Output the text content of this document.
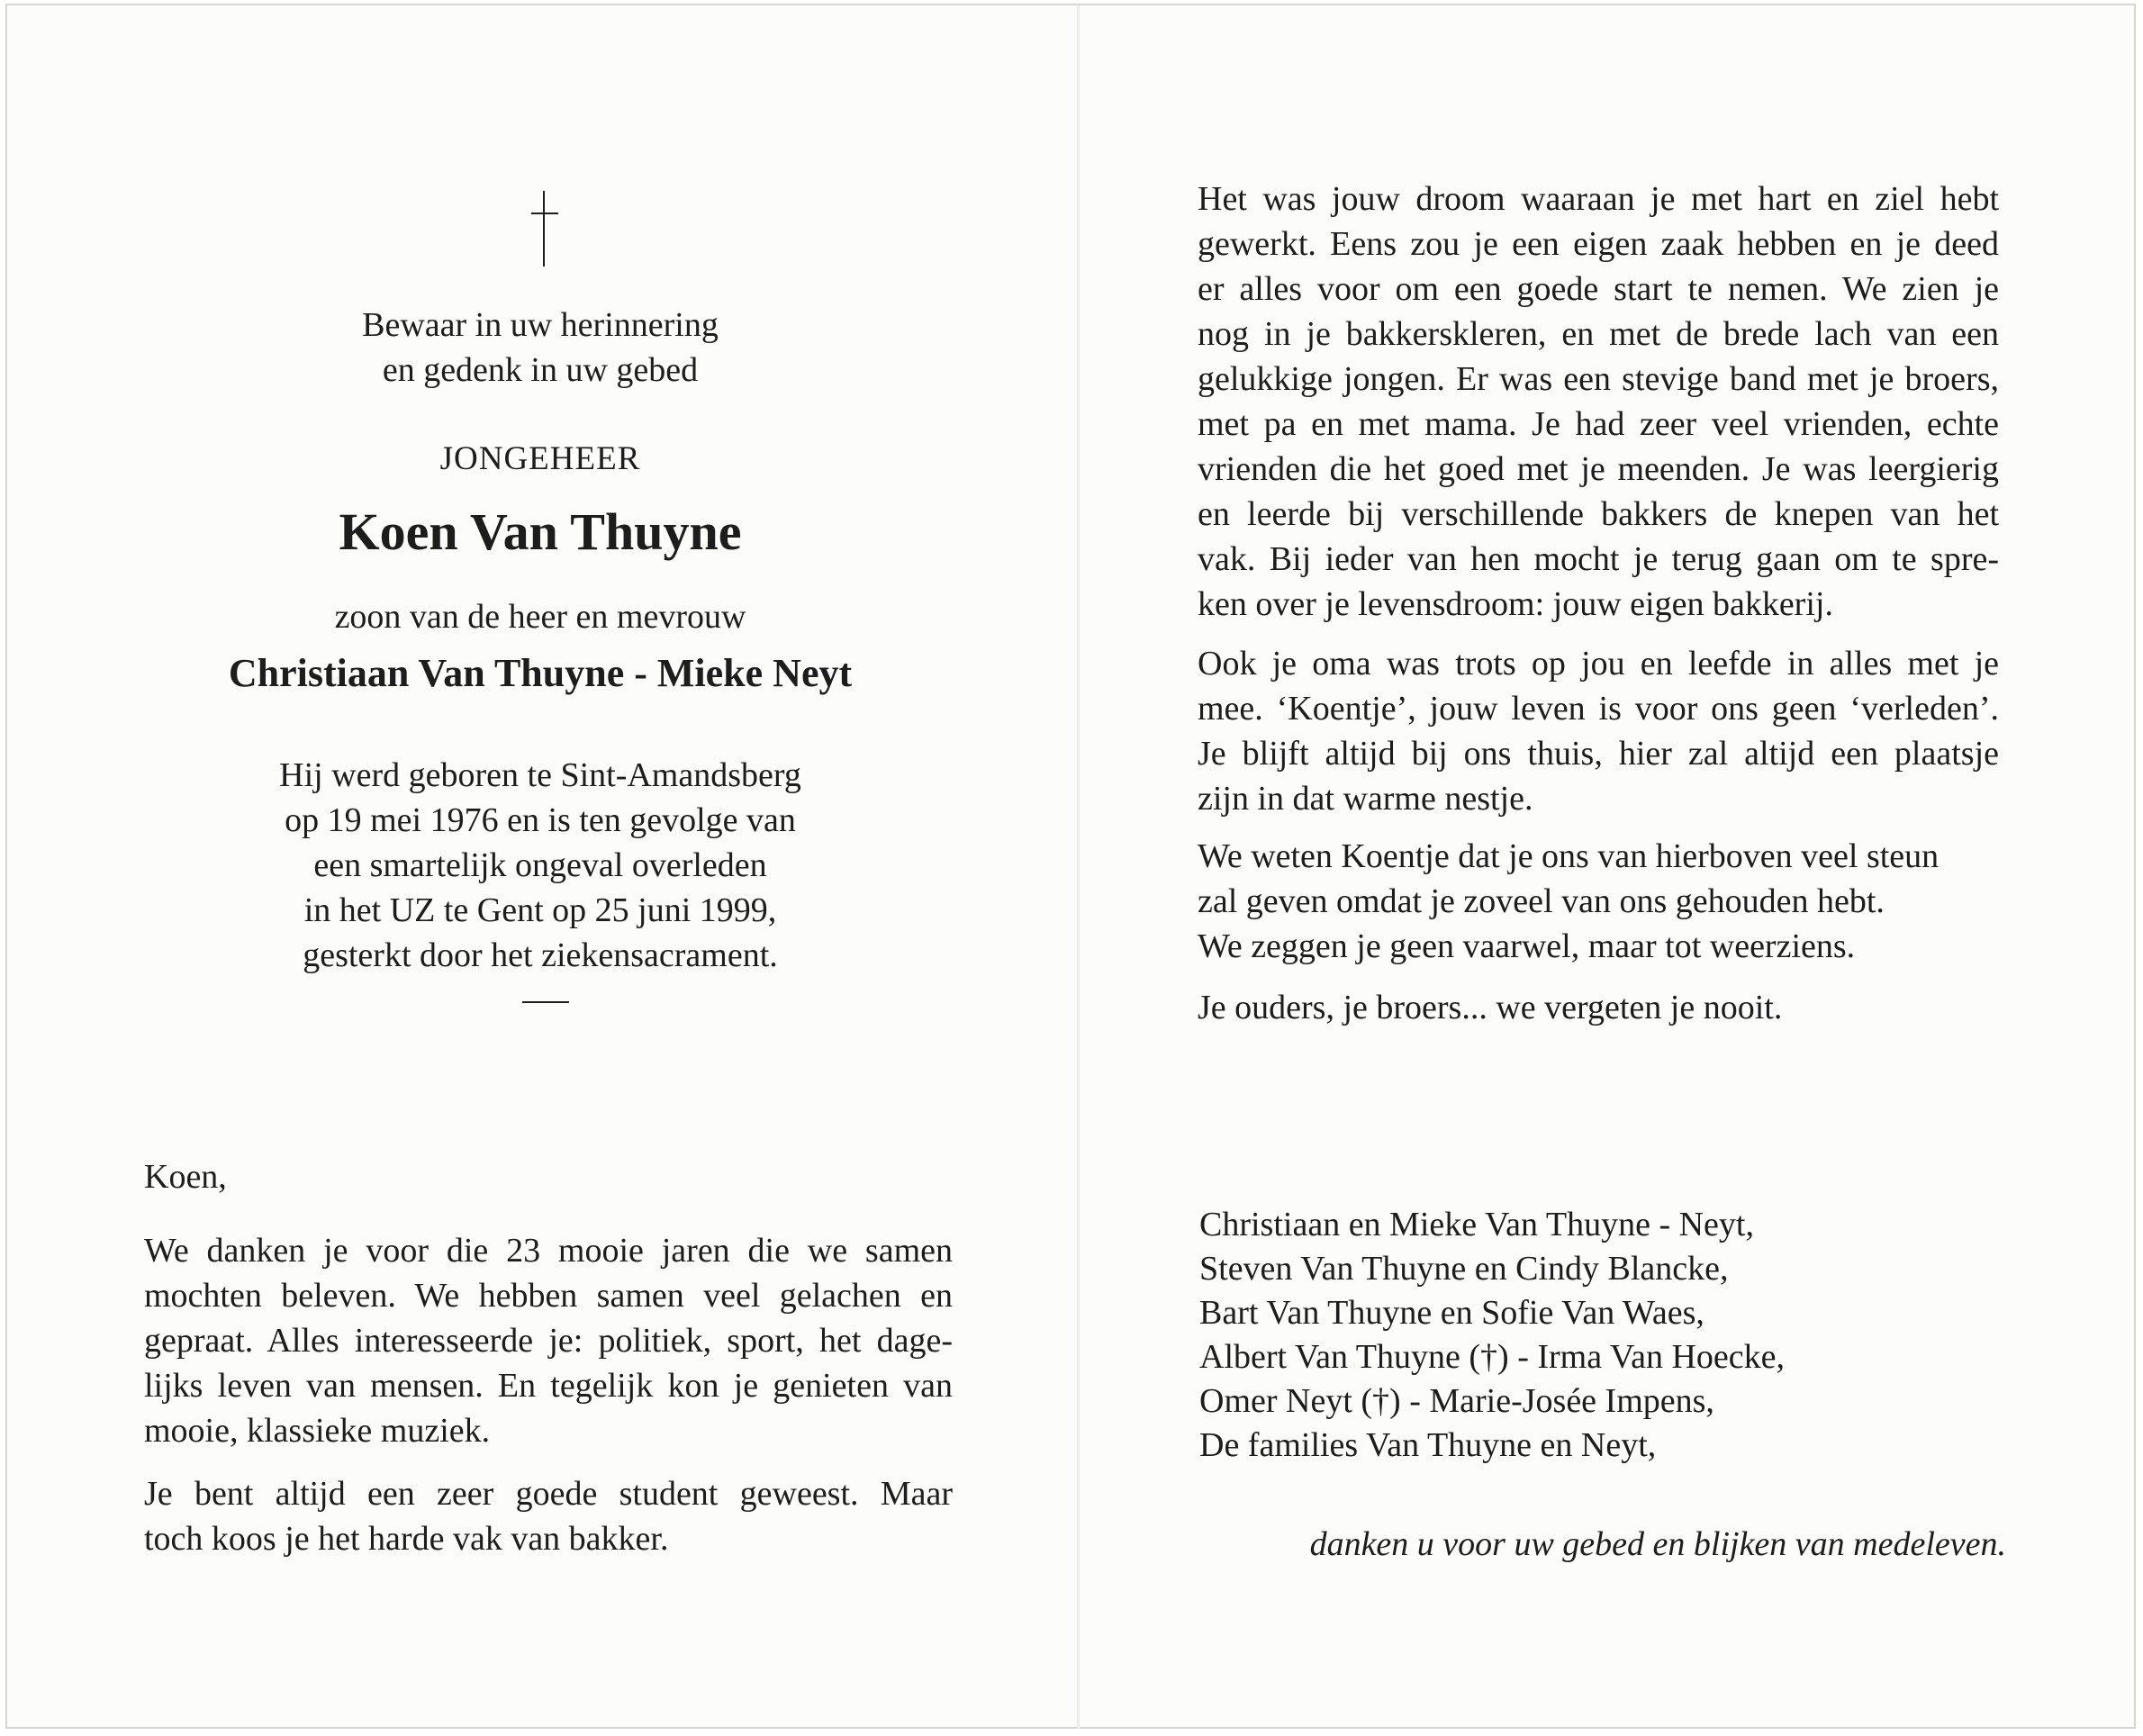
Bewaar in uw herinnering
en gedenk in uw gebed
JONGEHEER
Koen Van Thuyne
zoon van de heer en mevrouw
Christiaan Van Thuyne - Mieke Neyt
Hij werd geboren te Sint-Amandsberg
op 19 mei 1976 en is ten gevolge van
een smartelijk ongeval overleden
in het UZ te Gent op 25 juni 1999,
gesterkt door het ziekensacrament.
Koen,
We danken je voor die 23 mooie jaren die we samen
mochten beleven. We hebben samen veel gelachen en
gepraat. Alles interesseerde je: politiek, sport, het dage-
lijks leven van mensen. En tegelijk kon je genieten van
mooie, klassieke muziek.
Je bent altijd een zeer goede student geweest. Maar
toch koos je het harde vak van bakker.
Het was jouw droom waaraan je met hart en ziel hebt
gewerkt. Eens zou je een eigen zaak hebben en je deed
er alles voor om een goede start te nemen. We zien je
nog in je bakkerskleren, en met de brede lach van een
gelukkige jongen. Er was een stevige band met je broers,
met pa en met mama. Je had zeer veel vrienden, echte
vrienden die het goed met je meenden. Je was leergierig
en leerde bij verschillende bakkers de knepen van het
vak. Bij ieder van hen mocht je terug gaan om te spre-
ken over je levensdroom: jouw eigen bakkerij.
Ook je oma was trots op jou en leefde in alles met je
mee. ‘Koentje’, jouw leven is voor ons geen ‘verleden’.
Je blijft altijd bij ons thuis, hier zal altijd een plaatsje
zijn in dat warme nestje.
We weten Koentje dat je ons van hierboven veel steun
zal geven omdat je zoveel van ons gehouden hebt.
We zeggen je geen vaarwel, maar tot weerziens.
Je ouders, je broers... we vergeten je nooit.
Christiaan en Mieke Van Thuyne - Neyt,
Steven Van Thuyne en Cindy Blancke,
Bart Van Thuyne en Sofie Van Waes,
Albert Van Thuyne (†) - Irma Van Hoecke,
Omer Neyt (†) - Marie-Josée Impens,
De families Van Thuyne en Neyt,
danken u voor uw gebed en blijken van medeleven.
